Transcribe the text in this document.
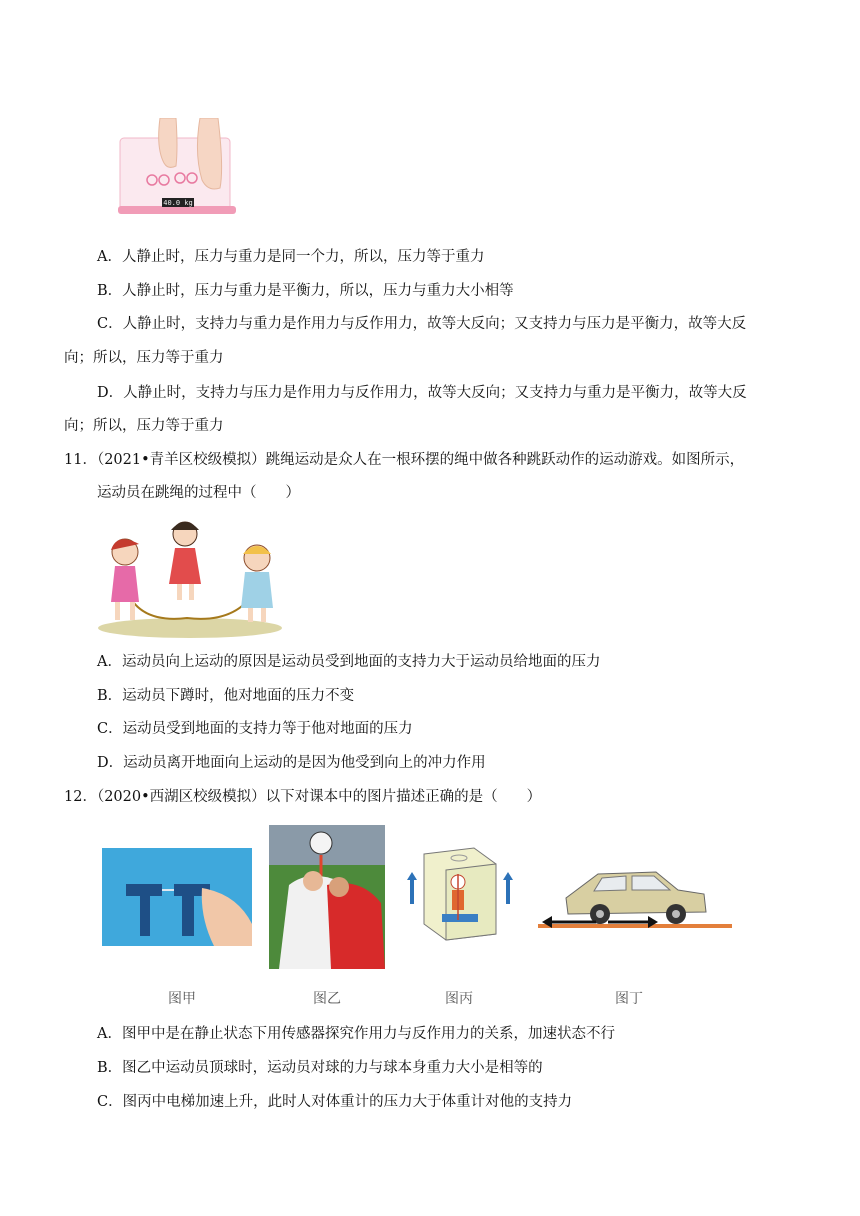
40.0 kg
A．人静止时，压力与重力是同一个力，所以，压力等于重力
B．人静止时，压力与重力是平衡力，所以，压力与重力大小相等
C．人静止时，支持力与重力是作用力与反作用力，故等大反向；又支持力与压力是平衡力，故等大反
向；所以，压力等于重力
D．人静止时，支持力与压力是作用力与反作用力，故等大反向；又支持力与重力是平衡力，故等大反
向；所以，压力等于重力
11．（2021•青羊区校级模拟）跳绳运动是众人在一根环摆的绳中做各种跳跃动作的运动游戏。如图所示，
运动员在跳绳的过程中（　　）
A．运动员向上运动的原因是运动员受到地面的支持力大于运动员给地面的压力
B．运动员下蹲时，他对地面的压力不变
C．运动员受到地面的支持力等于他对地面的压力
D．运动员离开地面向上运动的是因为他受到向上的冲力作用
12．（2020•西湖区校级模拟）以下对课本中的图片描述正确的是（　　）
图甲	图乙	图丙	图丁
A．图甲中是在静止状态下用传感器探究作用力与反作用力的关系，加速状态不行
B．图乙中运动员顶球时，运动员对球的力与球本身重力大小是相等的
C．图丙中电梯加速上升，此时人对体重计的压力大于体重计对他的支持力
